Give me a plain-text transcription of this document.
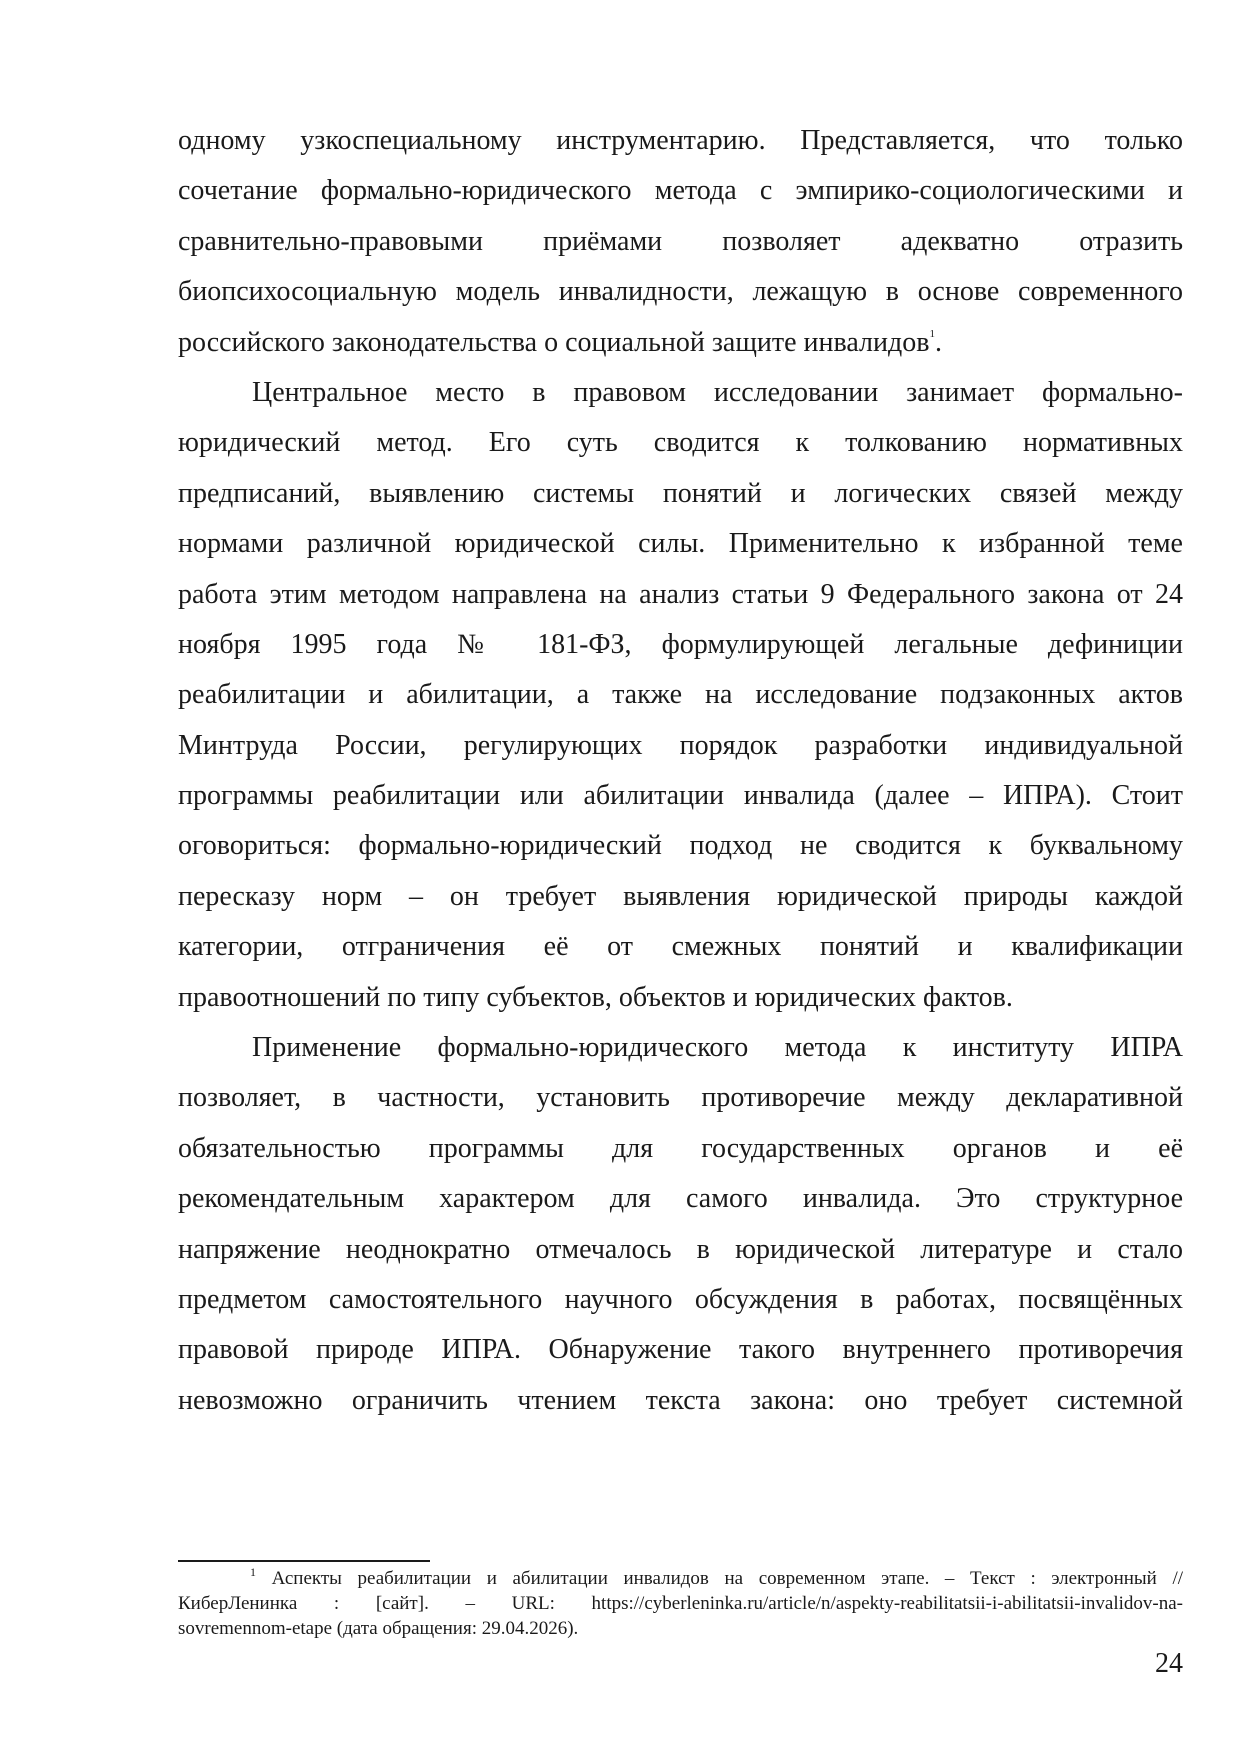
одному узкоспециальному инструментарию. Представляется, что только
сочетание формально-юридического метода с эмпирико-социологическими и
сравнительно-правовыми приёмами позволяет адекватно отразить
биопсихосоциальную модель инвалидности, лежащую в основе современного
российского законодательства о социальной защите инвалидов$^1$.
Центральное место в правовом исследовании занимает формально-
юридический метод. Его суть сводится к толкованию нормативных
предписаний, выявлению системы понятий и логических связей между
нормами различной юридической силы. Применительно к избранной теме
работа этим методом направлена на анализ статьи 9 Федерального закона от 24
ноября 1995 года № 181-ФЗ, формулирующей легальные дефиниции
реабилитации и абилитации, а также на исследование подзаконных актов
Минтруда России, регулирующих порядок разработки индивидуальной
программы реабилитации или абилитации инвалида (далее – ИПРА). Стоит
оговориться: формально-юридический подход не сводится к буквальному
пересказу норм – он требует выявления юридической природы каждой
категории, отграничения её от смежных понятий и квалификации
правоотношений по типу субъектов, объектов и юридических фактов.
Применение формально-юридического метода к институту ИПРА
позволяет, в частности, установить противоречие между декларативной
обязательностью программы для государственных органов и её
рекомендательным характером для самого инвалида. Это структурное
напряжение неоднократно отмечалось в юридической литературе и стало
предметом самостоятельного научного обсуждения в работах, посвящённых
правовой природе ИПРА. Обнаружение такого внутреннего противоречия
невозможно ограничить чтением текста закона: оно требует системной
$^1$ Аспекты реабилитации и абилитации инвалидов на современном этапе. – Текст : электронный //
КиберЛенинка : [сайт]. – URL: https://cyberleninka.ru/article/n/aspekty-reabilitatsii-i-abilitatsii-invalidov-na-
sovremennom-etape (дата обращения: 29.04.2026).
24
